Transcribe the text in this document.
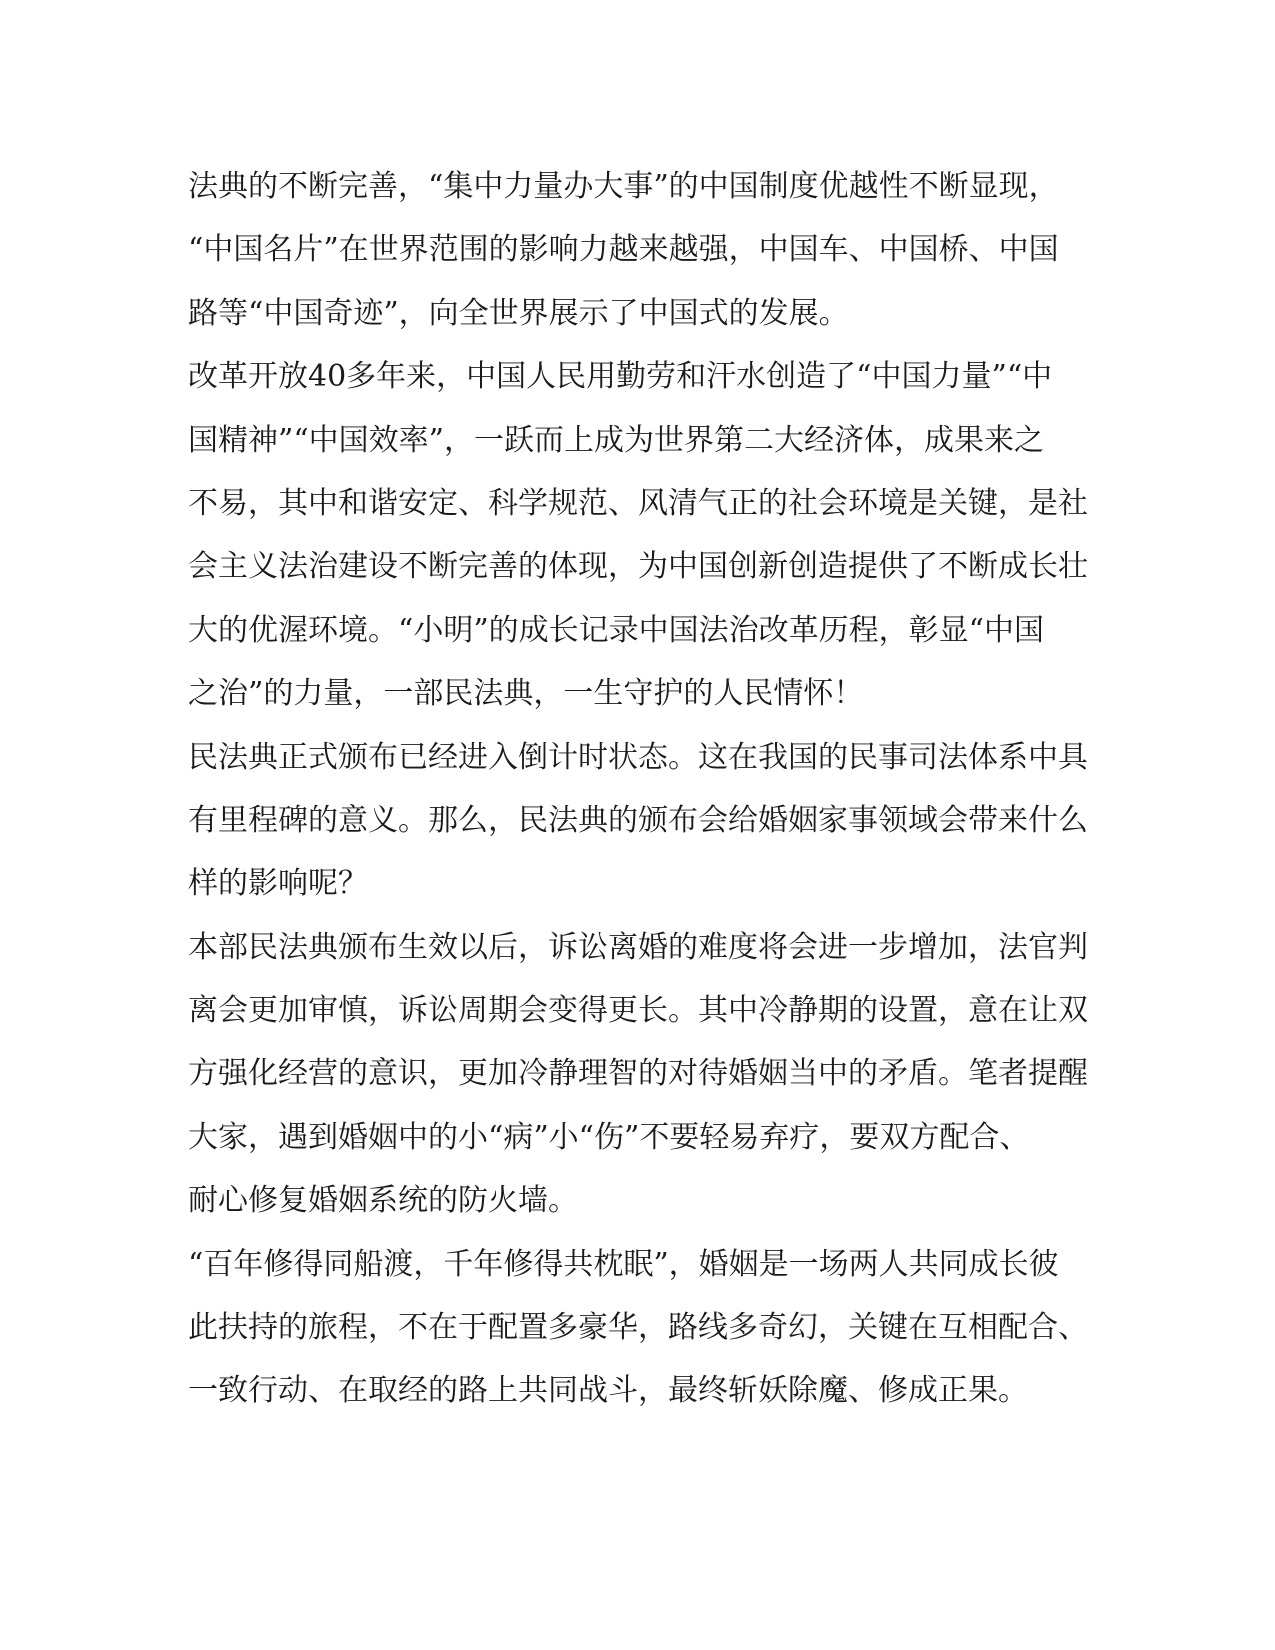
法典的不断完善，“集中力量办大事”的中国制度优越性不断显现，
“中国名片”在世界范围的影响力越来越强，中国车、中国桥、中国
路等“中国奇迹”，向全世界展示了中国式的发展。

改革开放40多年来，中国人民用勤劳和汗水创造了“中国力量”“中
国精神”“中国效率”，一跃而上成为世界第二大经济体，成果来之
不易，其中和谐安定、科学规范、风清气正的社会环境是关键，是社
会主义法治建设不断完善的体现，为中国创新创造提供了不断成长壮
大的优渥环境。“小明”的成长记录中国法治改革历程，彰显“中国
之治”的力量，一部民法典，一生守护的人民情怀！

民法典正式颁布已经进入倒计时状态。这在我国的民事司法体系中具
有里程碑的意义。那么，民法典的颁布会给婚姻家事领域会带来什么
样的影响呢？

本部民法典颁布生效以后，诉讼离婚的难度将会进一步增加，法官判
离会更加审慎，诉讼周期会变得更长。其中冷静期的设置，意在让双
方强化经营的意识，更加冷静理智的对待婚姻当中的矛盾。笔者提醒
大家，遇到婚姻中的小“病”小“伤”不要轻易弃疗，要双方配合、
耐心修复婚姻系统的防火墙。

“百年修得同船渡，千年修得共枕眠”，婚姻是一场两人共同成长彼
此扶持的旅程，不在于配置多豪华，路线多奇幻，关键在互相配合、
一致行动、在取经的路上共同战斗，最终斩妖除魔、修成正果。
